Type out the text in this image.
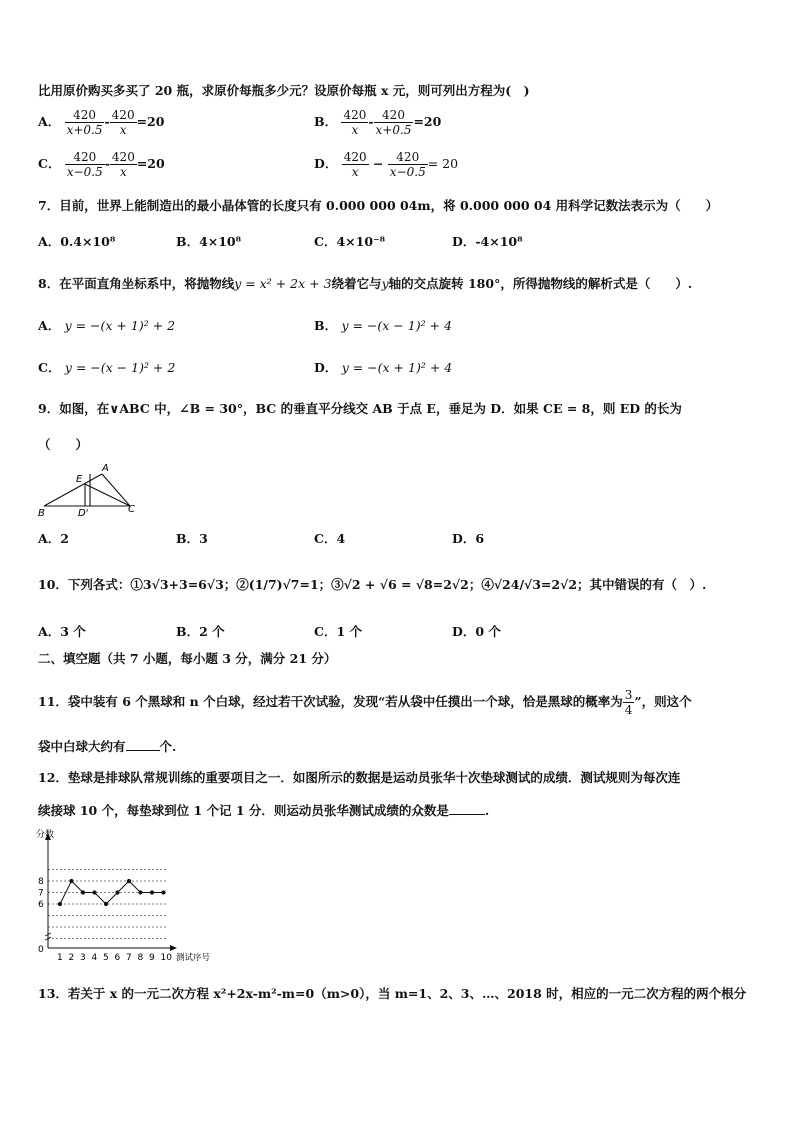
比用原价购买多买了 20 瓶，求原价每瓶多少元？设原价每瓶 x 元，则可列出方程为(　)
A． $\frac{420}{x+0.5} - \frac{420}{x} =20$	B． $\frac{420}{x} - \frac{420}{x+0.5} =20$
C． $\frac{420}{x-0.5} - \frac{420}{x} =20$	D． $\frac{420}{x} - \frac{420}{x-0.5} = 20$
7．目前，世界上能制造出的最小晶体管的长度只有 0.000 000 04m，将 0.000 000 04 用科学记数法表示为（　　）
A．0.4×10⁸	B．4×10⁸	C．4×10⁻⁸	D．-4×10⁸
8．在平面直角坐标系中，将抛物线y = x² + 2x + 3绕着它与y轴的交点旋转 180°，所得抛物线的解析式是（　　）.
A． y = −(x + 1)² + 2	B． y = −(x − 1)² + 4
C． y = −(x − 1)² + 2	D． y = −(x + 1)² + 4
9．如图，在∨ABC 中，∠B = 30°，BC 的垂直平分线交 AB 于点 E，垂足为 D．如果 CE = 8，则 ED 的长为
（　　）
A
E
B	D'	C
A．2	B．3	C．4	D．6
10．下列各式：①3√3+3=6√3；②(1/7)√7=1；③√2 + √6 = √8=2√2；④√24/√3=2√2；其中错误的有（　）.
A．3 个	B．2 个	C．1 个	D．0 个
二、填空题（共 7 小题，每小题 3 分，满分 21 分）
11．袋中装有 6 个黑球和 n 个白球，经过若干次试验，发现“若从袋中任摸出一个球，恰是黑球的概率为 $\frac{3}{4}$ ”，则这个
袋中白球大约有	个.
12．垫球是排球队常规训练的重要项目之一．如图所示的数据是运动员张华十次垫球测试的成绩．测试规则为每次连
续接球 10 个，每垫球到位 1 个记 1 分．则运动员张华测试成绩的众数是	.
分数
0
测试序号
6
7
8
1 2 3 4 5 6 7 8 9 10
13．若关于 x 的一元二次方程 x²+2x-m²-m=0（m>0），当 m=1、2、3、…、2018 时，相应的一元二次方程的两个根分
